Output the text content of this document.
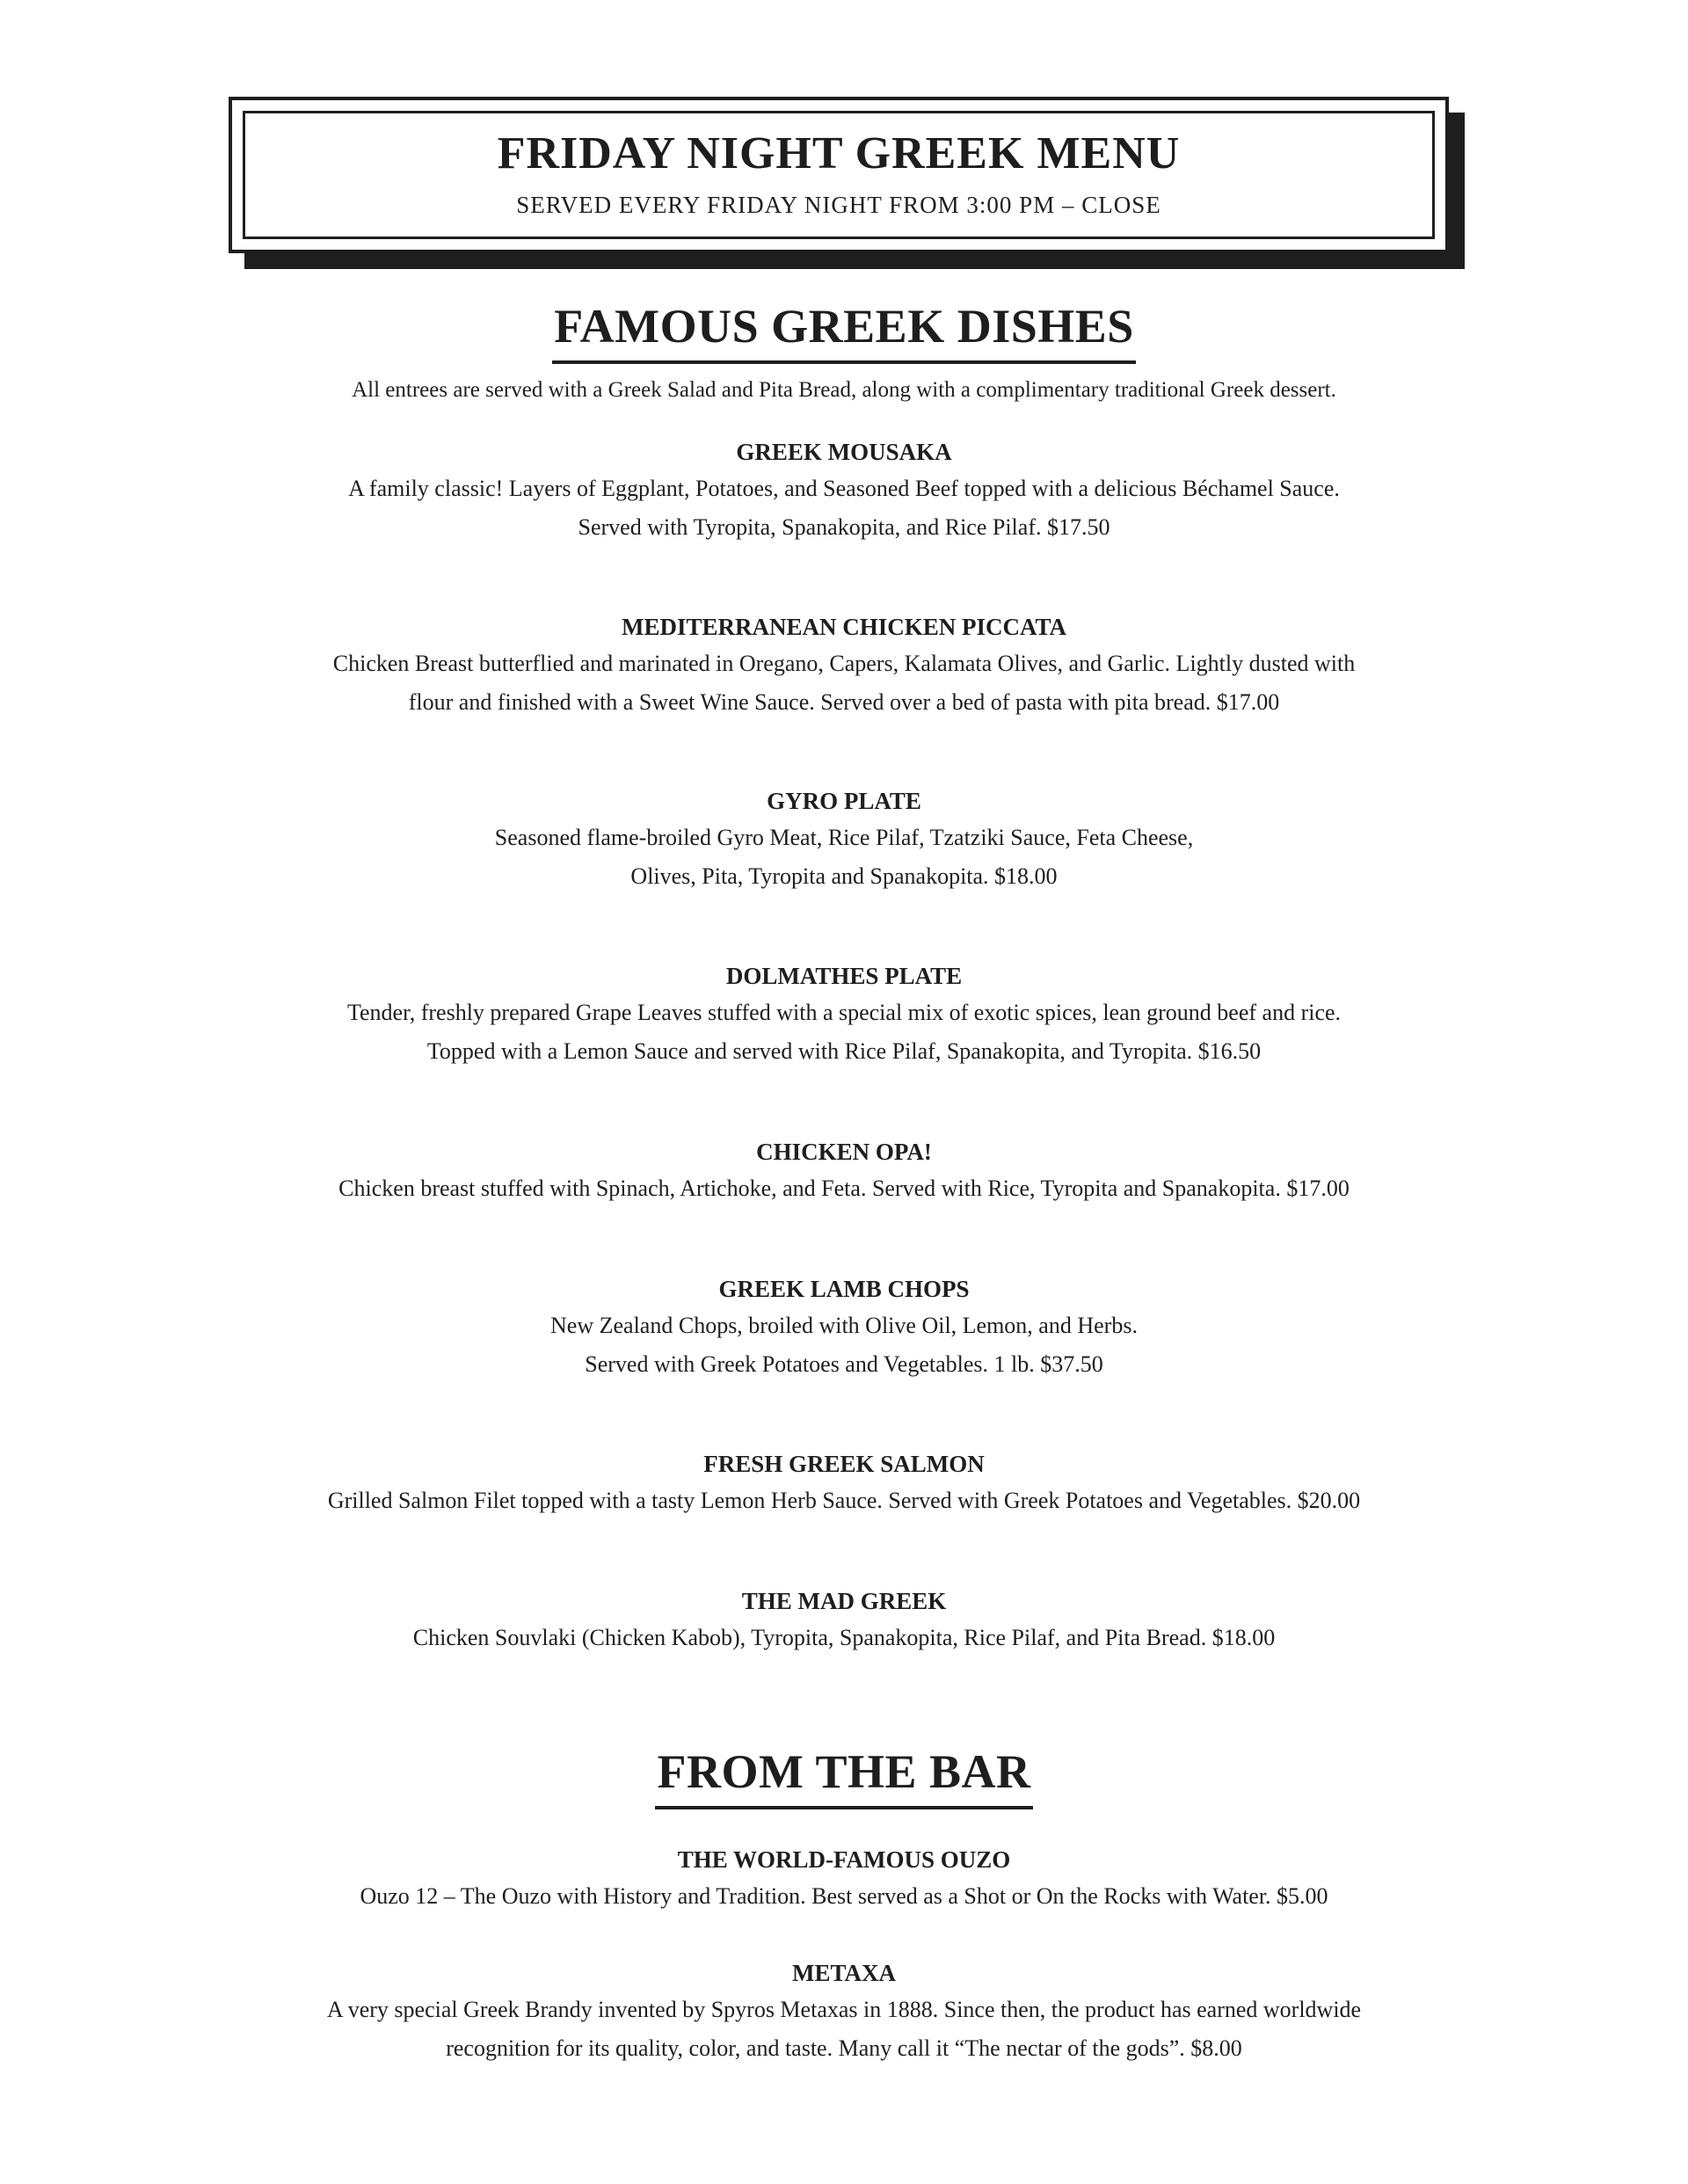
FRIDAY NIGHT GREEK MENU
SERVED EVERY FRIDAY NIGHT FROM 3:00 PM – CLOSE
FAMOUS GREEK DISHES
All entrees are served with a Greek Salad and Pita Bread, along with a complimentary traditional Greek dessert.
GREEK MOUSAKA
A family classic! Layers of Eggplant, Potatoes, and Seasoned Beef topped with a delicious Béchamel Sauce.
Served with Tyropita, Spanakopita, and Rice Pilaf. $17.50
MEDITERRANEAN CHICKEN PICCATA
Chicken Breast butterflied and marinated in Oregano, Capers, Kalamata Olives, and Garlic. Lightly dusted with
flour and finished with a Sweet Wine Sauce. Served over a bed of pasta with pita bread. $17.00
GYRO PLATE
Seasoned flame-broiled Gyro Meat, Rice Pilaf, Tzatziki Sauce, Feta Cheese,
Olives, Pita, Tyropita and Spanakopita. $18.00
DOLMATHES PLATE
Tender, freshly prepared Grape Leaves stuffed with a special mix of exotic spices, lean ground beef and rice.
Topped with a Lemon Sauce and served with Rice Pilaf, Spanakopita, and Tyropita. $16.50
CHICKEN OPA!
Chicken breast stuffed with Spinach, Artichoke, and Feta. Served with Rice, Tyropita and Spanakopita. $17.00
GREEK LAMB CHOPS
New Zealand Chops, broiled with Olive Oil, Lemon, and Herbs.
Served with Greek Potatoes and Vegetables. 1 lb. $37.50
FRESH GREEK SALMON
Grilled Salmon Filet topped with a tasty Lemon Herb Sauce. Served with Greek Potatoes and Vegetables. $20.00
THE MAD GREEK
Chicken Souvlaki (Chicken Kabob), Tyropita, Spanakopita, Rice Pilaf, and Pita Bread. $18.00
FROM THE BAR
THE WORLD-FAMOUS OUZO
Ouzo 12 – The Ouzo with History and Tradition. Best served as a Shot or On the Rocks with Water. $5.00
METAXA
A very special Greek Brandy invented by Spyros Metaxas in 1888. Since then, the product has earned worldwide
recognition for its quality, color, and taste. Many call it “The nectar of the gods”. $8.00
